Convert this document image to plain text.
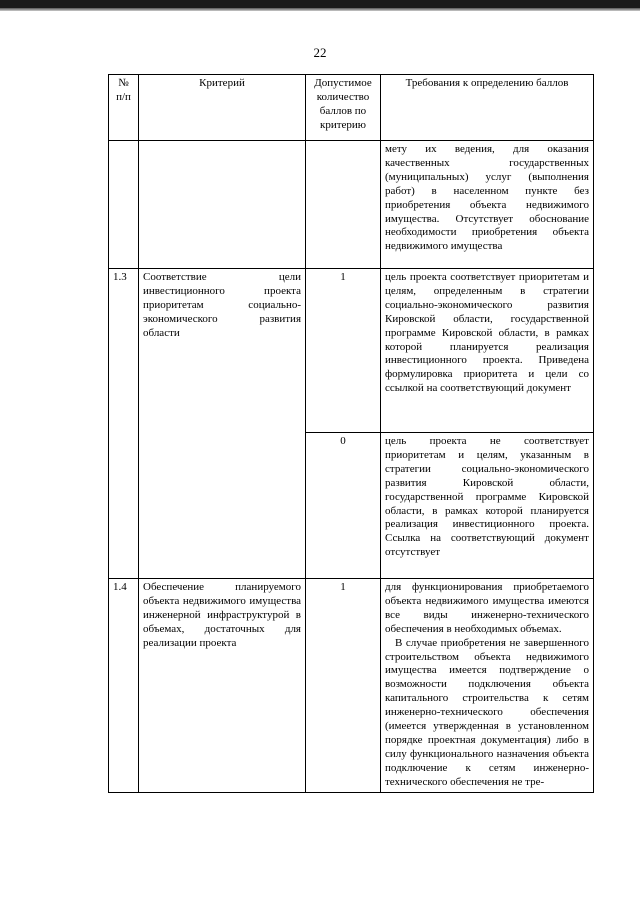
22
№ п/п	Критерий	Допустимое количество баллов по критерию	Требования к определению баллов
			мету их ведения, для оказания качественных государственных (муниципальных) услуг (выполнения работ) в населенном пункте без приобретения объекта недвижимого имущества. Отсутствует обоснование необходимости приобретения объекта недвижимого имущества
1.3	Соответствие цели инвестиционного проекта приоритетам социально-экономического развития области	1	цель проекта соответствует приоритетам и целям, определенным в стратегии социально-экономического развития Кировской области, государственной программе Кировской области, в рамках которой планируется реализация инвестиционного проекта. Приведена формулировка приоритета и цели со ссылкой на соответствующий документ
		0	цель проекта не соответствует приоритетам и целям, указанным в стратегии социально-экономического развития Кировской области, государственной программе Кировской области, в рамках которой планируется реализация инвестиционного проекта. Ссылка на соответствующий документ отсутствует
1.4	Обеспечение планируемого объекта недвижимого имущества инженерной инфраструктурой в объемах, достаточных для реализации проекта	1	для функционирования приобретаемого объекта недвижимого имущества имеются все виды инженерно-технического обеспечения в необходимых объемах.
В случае приобретения не завершенного строительством объекта недвижимого имущества имеется подтверждение о возможности подключения объекта капитального строительства к сетям инженерно-технического обеспечения (имеется утвержденная в установленном порядке проектная документация) либо в силу функционального назначения объекта подключение к сетям инженерно-технического обеспечения не тре-
